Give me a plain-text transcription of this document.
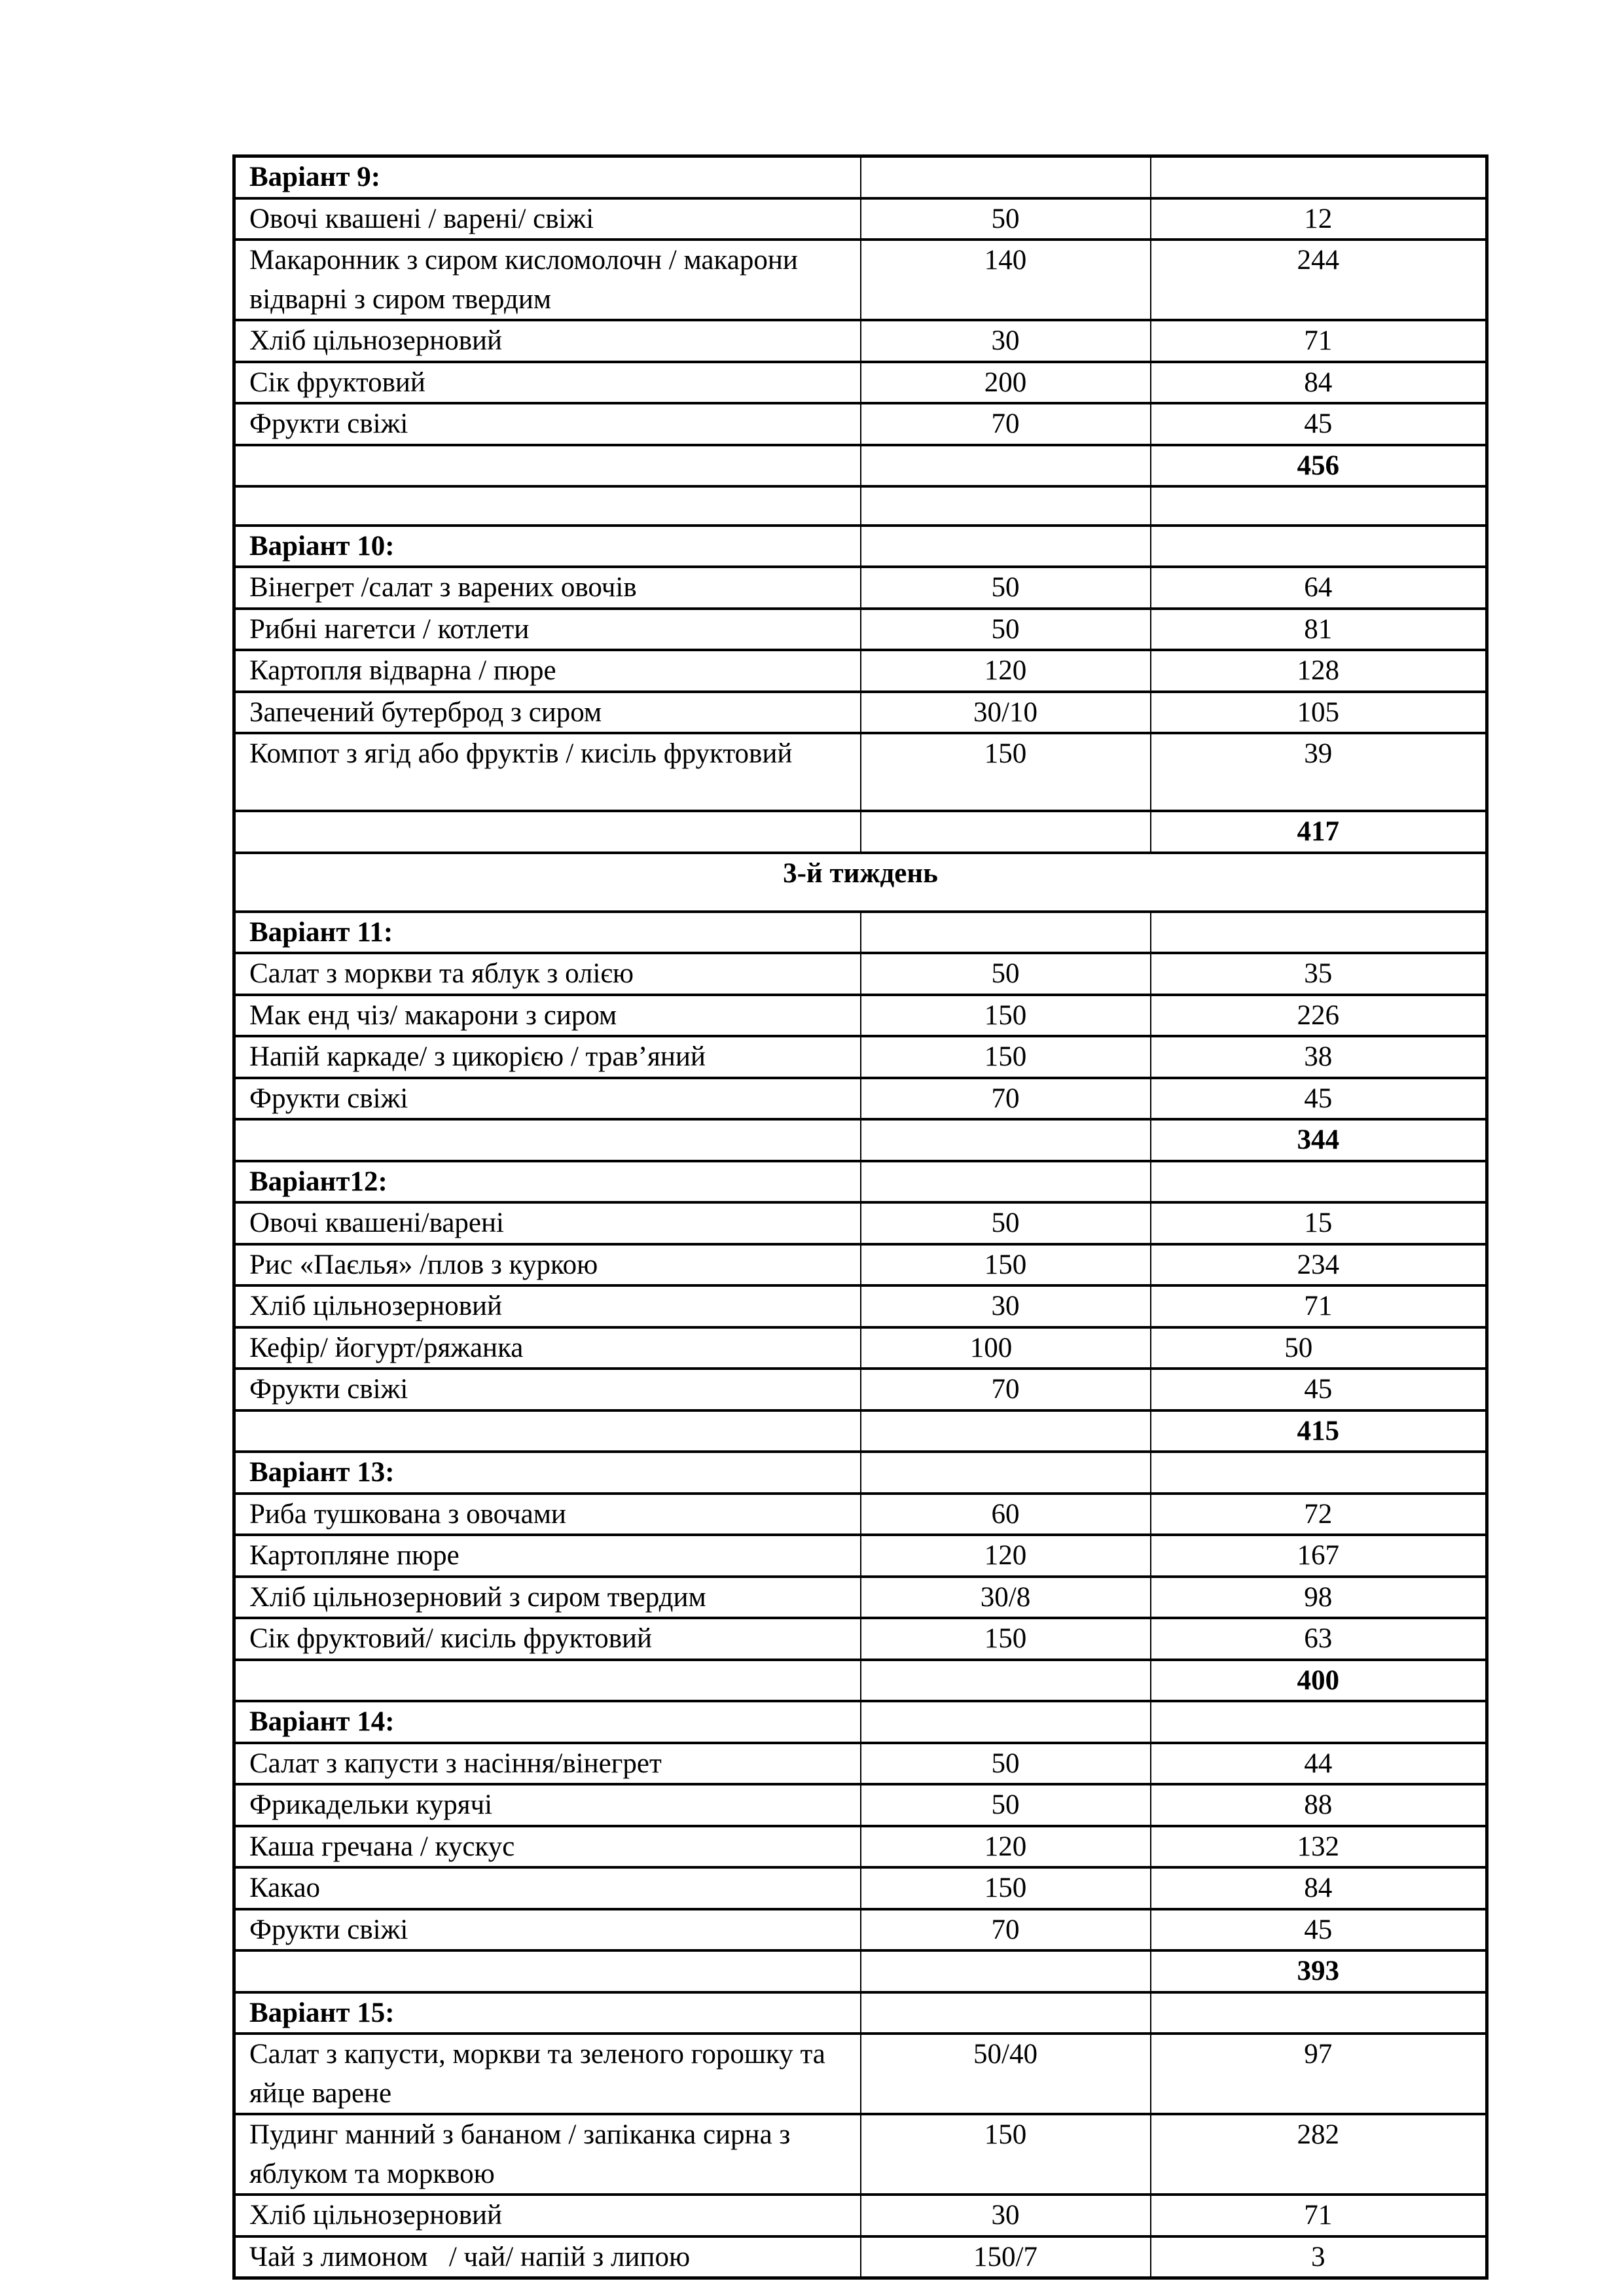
Варіант 9:		
Овочі квашені / варені/ свіжі	50	12
Макаронник з сиром кисломолочн / макарони відварні з сиром твердим	140	244
Хліб цільнозерновий	30	71
Сік фруктовий	200	84
Фрукти свіжі	70	45
		456

Варіант 10:		
Вінегрет /салат з варених овочів	50	64
Рибні нагетси / котлети	50	81
Картопля відварна / пюре	120	128
Запечений бутерброд з сиром	30/10	105
Компот з ягід або фруктів / кисіль фруктовий	150	39
		417
3-й тиждень		
Варіант 11:		
Салат з моркви та яблук з олією	50	35
Мак енд чіз/ макарони з сиром	150	226
Напій каркаде/ з цикорією / трав’яний	150	38
Фрукти свіжі	70	45
		344
Варіант12:		
Овочі квашені/варені	50	15
Рис «Паєлья» /плов з куркою	150	234
Хліб цільнозерновий	30	71
Кефір/ йогурт/ряжанка	100	50
Фрукти свіжі	70	45
		415
Варіант 13:		
Риба тушкована з овочами	60	72
Картопляне пюре	120	167
Хліб цільнозерновий з сиром твердим	30/8	98
Сік фруктовий/ кисіль фруктовий	150	63
		400
Варіант 14:		
Салат з капусти з насіння/вінегрет	50	44
Фрикадельки курячі	50	88
Каша гречана / кускус	120	132
Какао	150	84
Фрукти свіжі	70	45
		393
Варіант 15:		
Салат з капусти, моркви та зеленого горошку та яйце варене	50/40	97
Пудинг манний з бананом / запіканка сирна з яблуком та морквою	150	282
Хліб цільнозерновий	30	71
Чай з лимоном   / чай/ напій з липою	150/7	3
